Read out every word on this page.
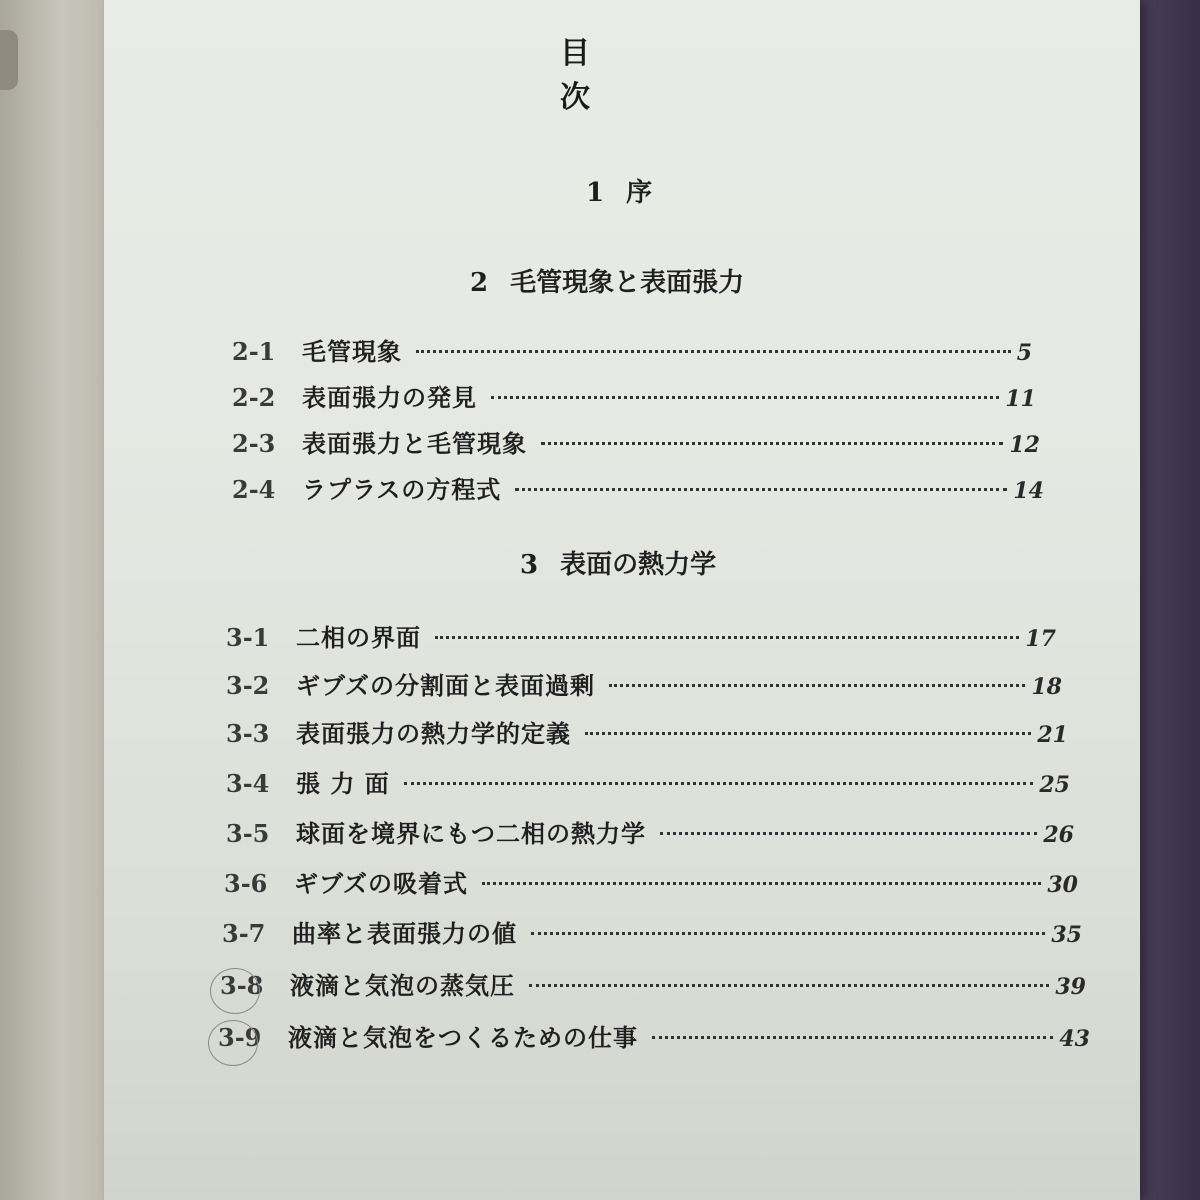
目　次
1 序
2 毛管現象と表面張力
2-1	毛管現象	5
2-2	表面張力の発見	11
2-3	表面張力と毛管現象	12
2-4	ラプラスの方程式	14
3 表面の熱力学
3-1	二相の界面	17
3-2	ギブズの分割面と表面過剰	18
3-3	表面張力の熱力学的定義	21
3-4	張 力 面	25
3-5	球面を境界にもつ二相の熱力学	26
3-6	ギブズの吸着式	30
3-7	曲率と表面張力の値	35
3-8	液滴と気泡の蒸気圧	39
3-9	液滴と気泡をつくるための仕事	43
